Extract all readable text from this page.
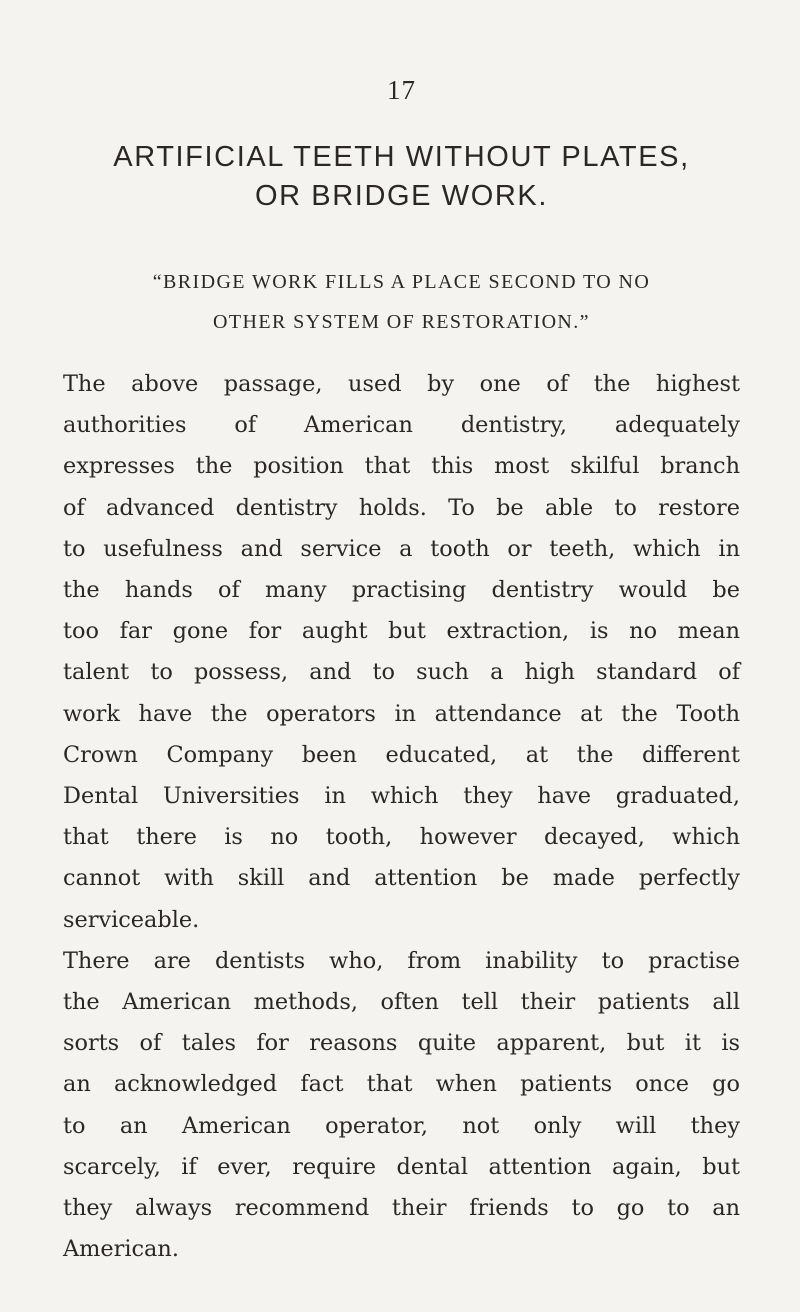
17
ARTIFICIAL TEETH WITHOUT PLATES,
OR BRIDGE WORK.
“BRIDGE WORK FILLS A PLACE SECOND TO NO
OTHER SYSTEM OF RESTORATION.”

The above passage, used by one of the highest
authorities of American dentistry, adequately
expresses the position that this most skilful branch
of advanced dentistry holds. To be able to restore
to usefulness and service a tooth or teeth, which in
the hands of many practising dentistry would be
too far gone for aught but extraction, is no mean
talent to possess, and to such a high standard of
work have the operators in attendance at the Tooth
Crown Company been educated, at the different
Dental Universities in which they have graduated,
that there is no tooth, however decayed, which
cannot with skill and attention be made perfectly
serviceable.

There are dentists who, from inability to practise
the American methods, often tell their patients all
sorts of tales for reasons quite apparent, but it is
an acknowledged fact that when patients once go
to an American operator, not only will they
scarcely, if ever, require dental attention again, but
they always recommend their friends to go to an
American.
